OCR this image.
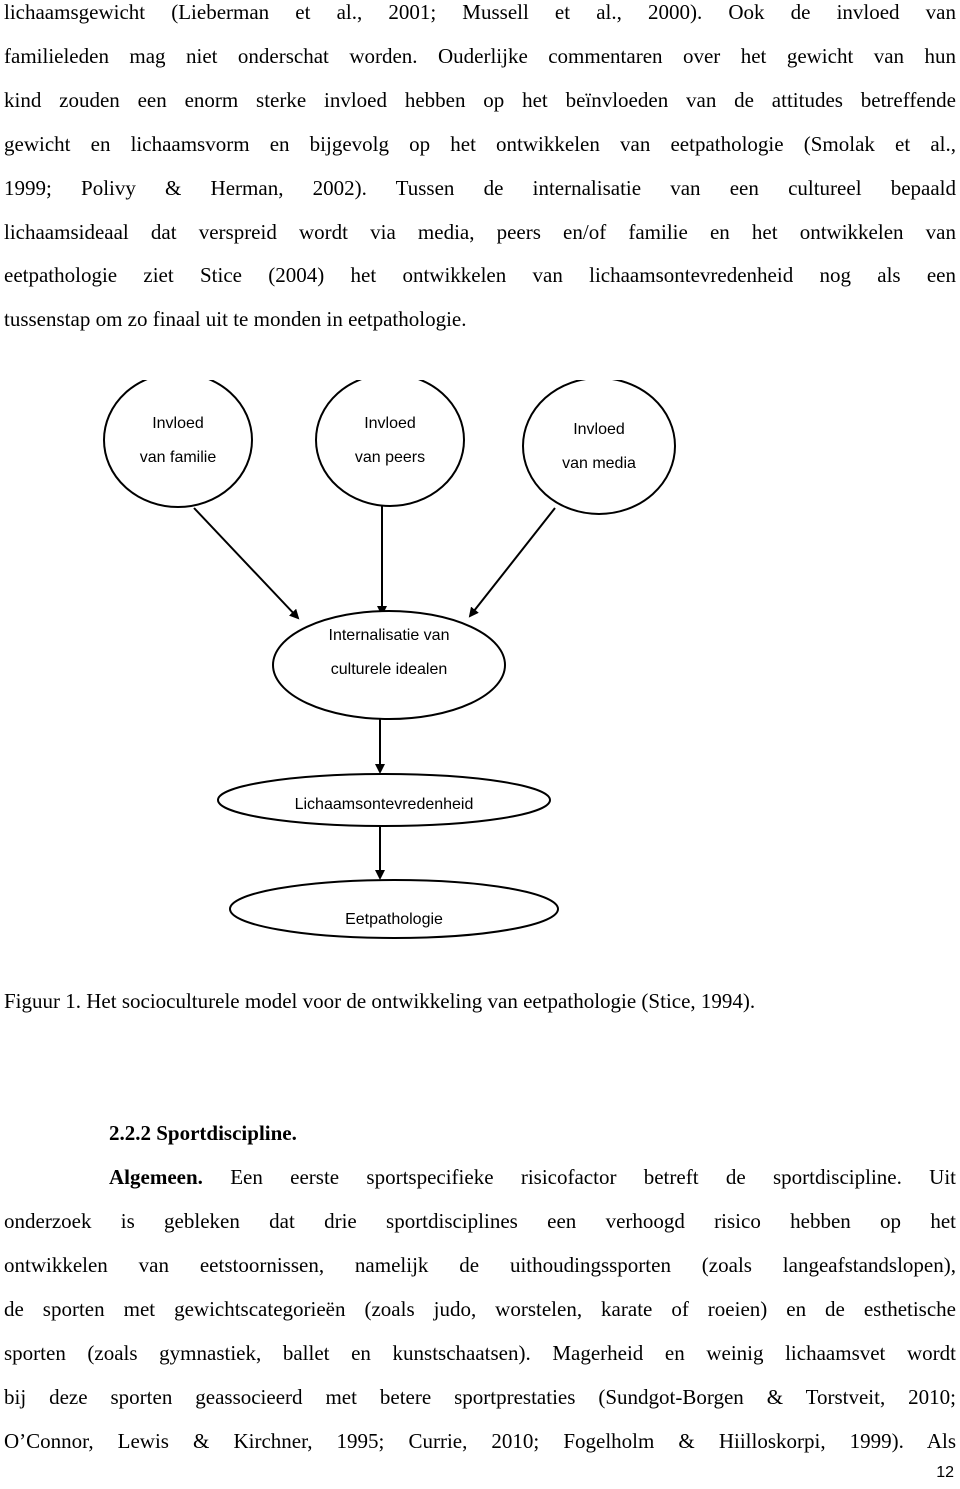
lichaamsgewicht (Lieberman et al., 2001; Mussell et al., 2000). Ook de invloed van
familieleden mag niet onderschat worden. Ouderlijke commentaren over het gewicht van hun
kind zouden een enorm sterke invloed hebben op het beïnvloeden van de attitudes betreffende
gewicht en lichaamsvorm en bijgevolg op het ontwikkelen van eetpathologie (Smolak et al.,
1999; Polivy & Herman, 2002). Tussen de internalisatie van een cultureel bepaald
lichaamsideaal dat verspreid wordt via media, peers en/of familie en het ontwikkelen van
eetpathologie ziet Stice (2004) het ontwikkelen van lichaamsontevredenheid nog als een
tussenstap om zo finaal uit te monden in eetpathologie.
Invloed
van familie
Invloed
van peers
Invloed
van media
Internalisatie van
culturele idealen
Lichaamsontevredenheid
Eetpathologie
Figuur 1. Het socioculturele model voor de ontwikkeling van eetpathologie (Stice, 1994).
2.2.2 Sportdiscipline.
Algemeen. Een eerste sportspecifieke risicofactor betreft de sportdiscipline. Uit
onderzoek is gebleken dat drie sportdisciplines een verhoogd risico hebben op het
ontwikkelen van eetstoornissen, namelijk de uithoudingssporten (zoals langeafstandslopen),
de sporten met gewichtscategorieën (zoals judo, worstelen, karate of roeien) en de esthetische
sporten (zoals gymnastiek, ballet en kunstschaatsen). Magerheid en weinig lichaamsvet wordt
bij deze sporten geassocieerd met betere sportprestaties (Sundgot-Borgen & Torstveit, 2010;
O’Connor, Lewis & Kirchner, 1995; Currie, 2010; Fogelholm & Hiilloskorpi, 1999). Als
12
